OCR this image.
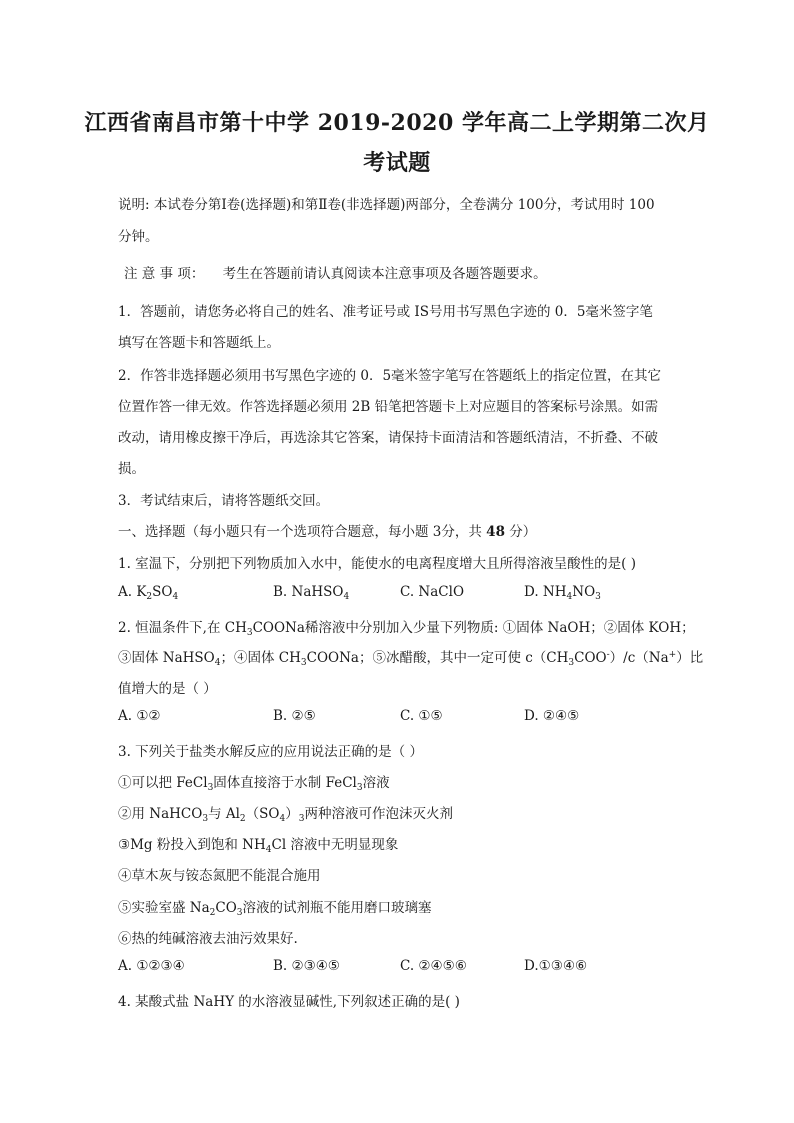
江西省南昌市第十中学 2019-2020 学年高二上学期第二次月
考试题
说明: 本试卷分第Ⅰ卷(选择题)和第Ⅱ卷(非选择题)两部分，全卷满分 100分，考试用时 100
分钟。
注 意 事 项： 考生在答题前请认真阅读本注意事项及各题答题要求。
1．答题前，请您务必将自己的姓名、准考证号或 IS号用书写黑色字迹的 0．5毫米签字笔
填写在答题卡和答题纸上。
2．作答非选择题必须用书写黑色字迹的 0．5毫米签字笔写在答题纸上的指定位置，在其它
位置作答一律无效。作答选择题必须用 2B 铅笔把答题卡上对应题目的答案标号涂黑。如需
改动，请用橡皮擦干净后，再选涂其它答案，请保持卡面清洁和答题纸清洁，不折叠、不破
损。
3．考试结束后，请将答题纸交回。
一、选择题（每小题只有一个选项符合题意，每小题 3分，共 48 分）
1. 室温下，分别把下列物质加入水中，能使水的电离程度增大且所得溶液呈酸性的是( )
A. $K_2SO_4$	B. NaHSO$_4$	C. NaClO	D. $NH_4NO_3$
2. 恒温条件下,在 $CH_3COONa$稀溶液中分别加入少量下列物质: ①固体 NaOH；②固体 KOH；
③固体 NaHSO$_4$；④固体 $CH_3COONa$；⑤冰醋酸，其中一定可使 $c(CH_3COO^-)/c(Na^+)$比
值增大的是（ ）
A. ①②	B. ②⑤	C. ①⑤	D. ②④⑤
3. 下列关于盐类水解反应的应用说法正确的是（ ）
①可以把 FeCl$_3$固体直接溶于水制 FeCl$_3$溶液
②用 NaHCO$_3$与 $Al_2(SO_4)_3$两种溶液可作泡沫灭火剂
③Mg 粉投入到饱和 $NH_4Cl$ 溶液中无明显现象
④草木灰与铵态氮肥不能混合施用
⑤实验室盛 $Na_2CO_3$溶液的试剂瓶不能用磨口玻璃塞
⑥热的纯碱溶液去油污效果好.
A. ①②③④	B. ②③④⑤	C. ②④⑤⑥	D.①③④⑥
4. 某酸式盐 NaHY 的水溶液显碱性,下列叙述正确的是( )
